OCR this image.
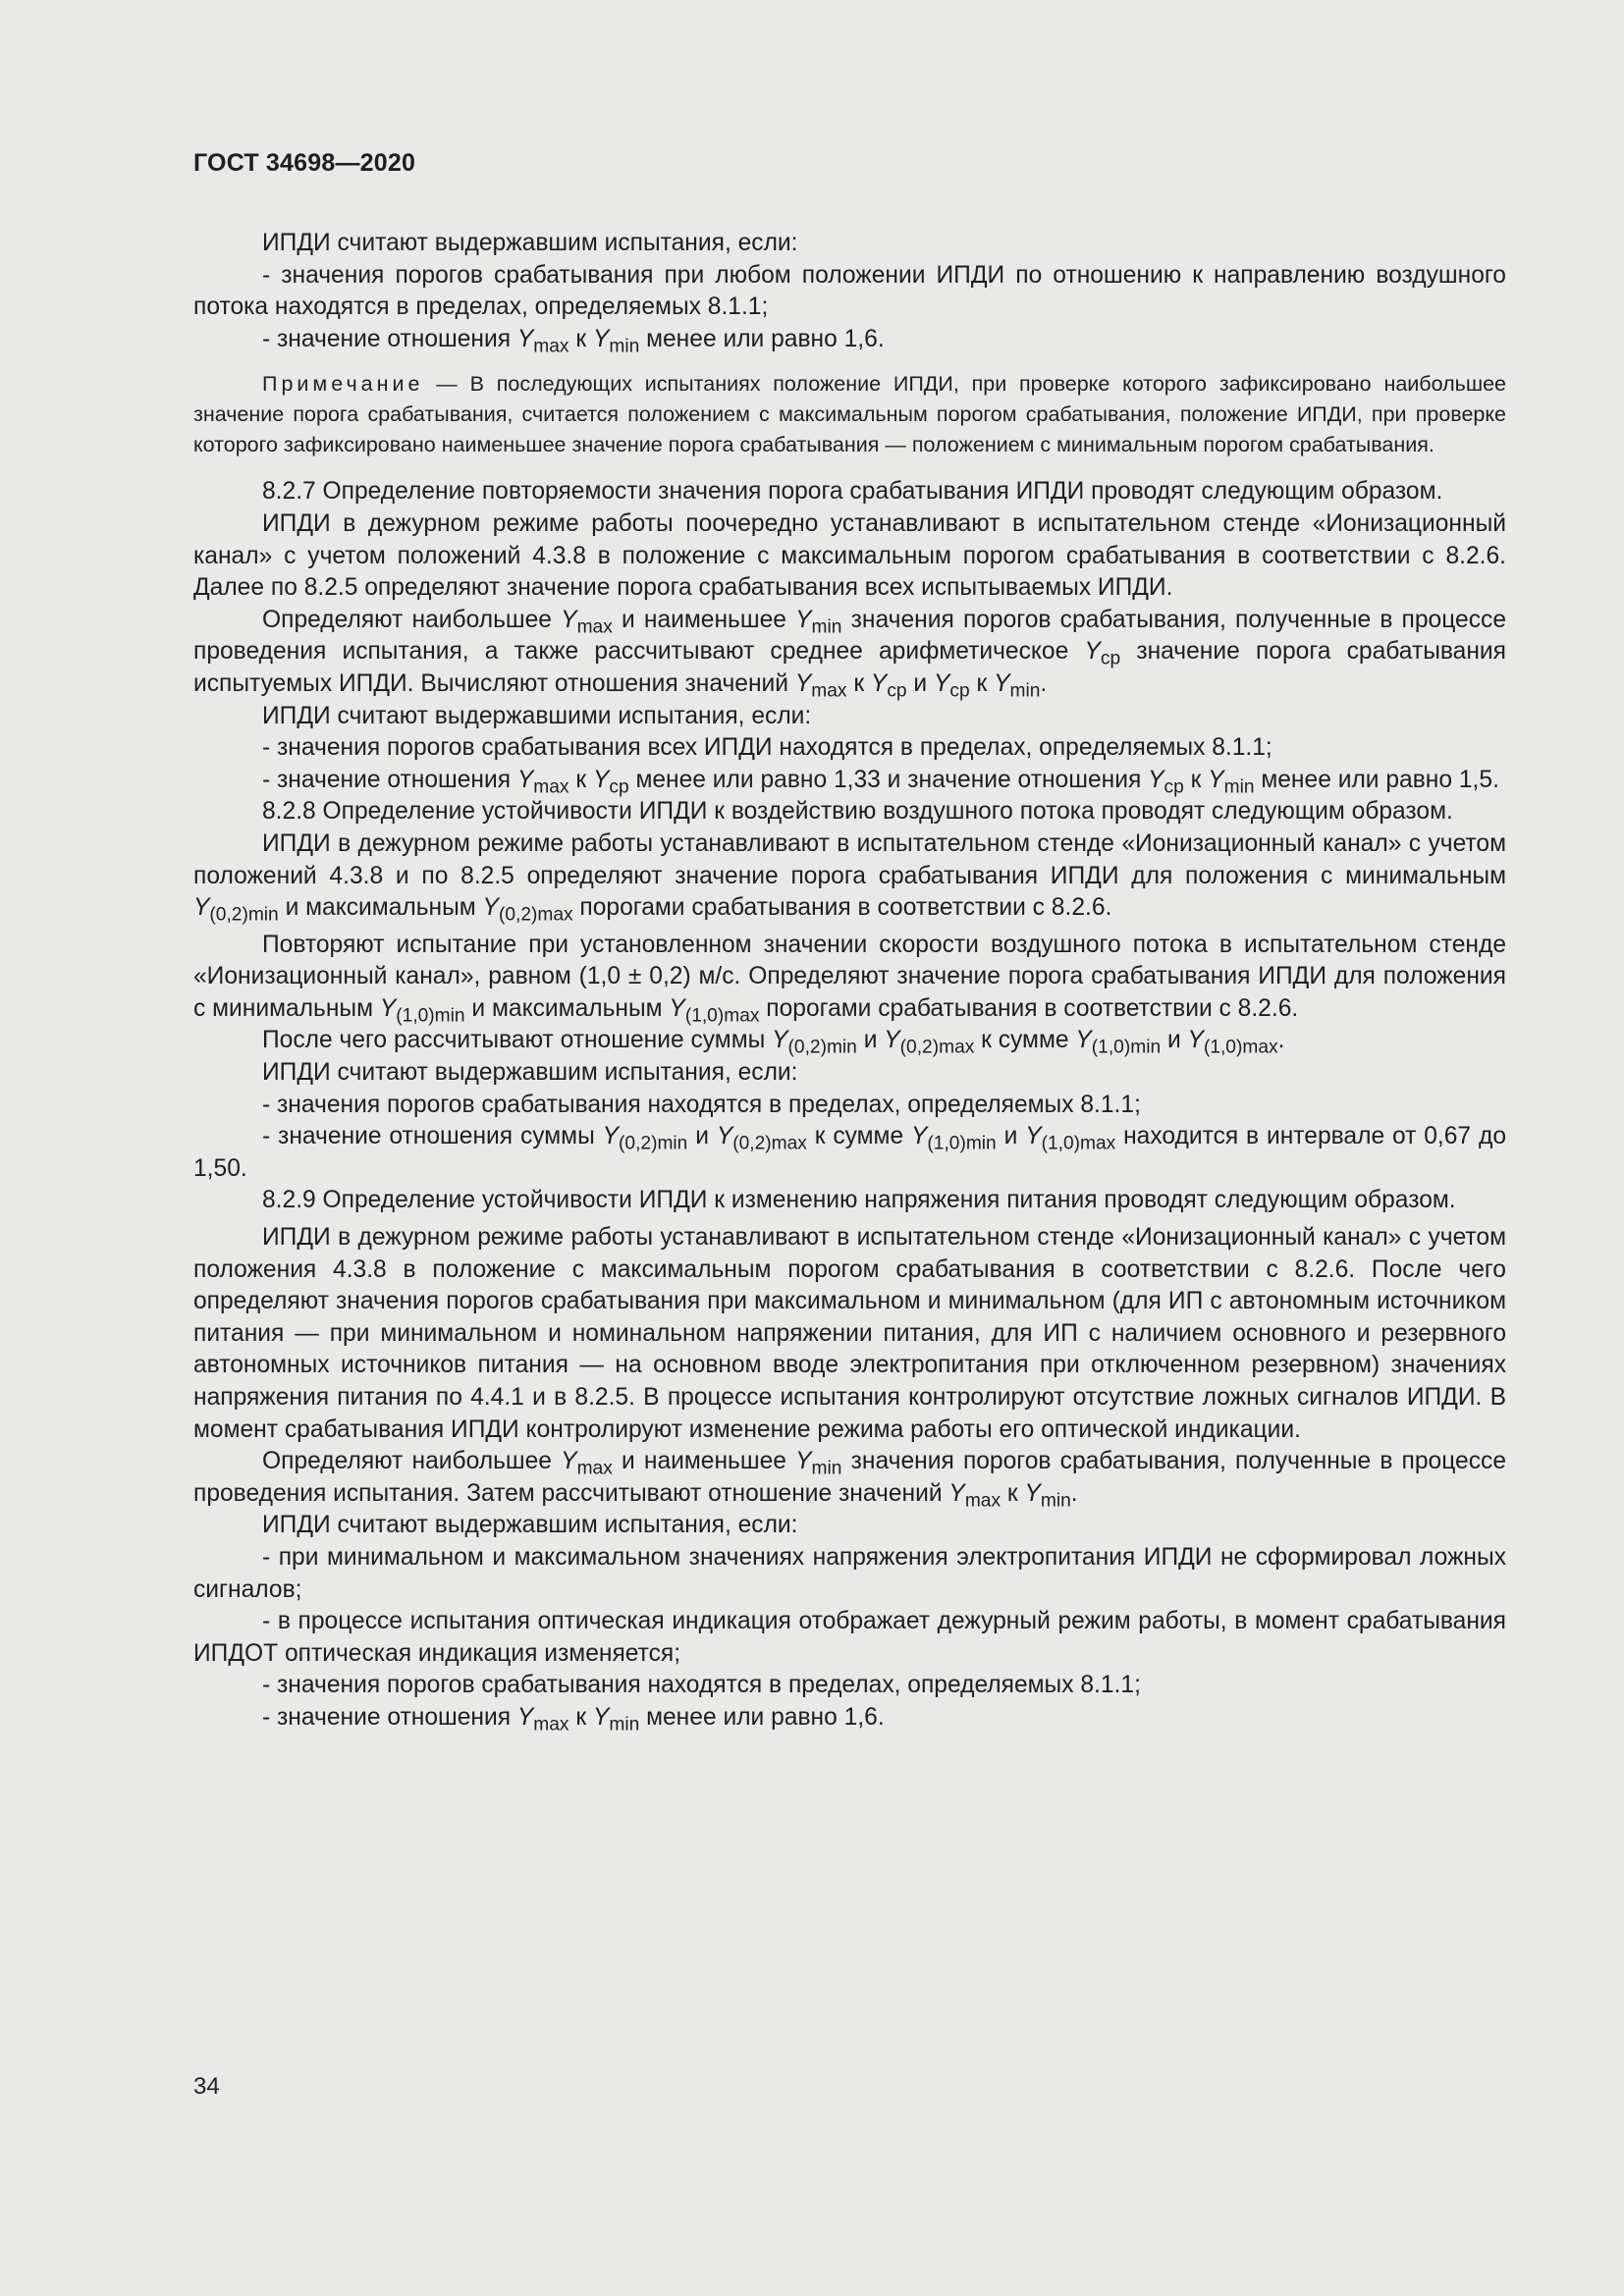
ГОСТ 34698—2020

ИПДИ считают выдержавшим испытания, если:

- значения порогов срабатывания при любом положении ИПДИ по отношению к направлению воздушного потока находятся в пределах, определяемых 8.1.1;

- значение отношения $Y_{max}$ к $Y_{min}$ менее или равно 1,6.

Примечание — В последующих испытаниях положение ИПДИ, при проверке которого зафиксировано наибольшее значение порога срабатывания, считается положением с максимальным порогом срабатывания, положение ИПДИ, при проверке которого зафиксировано наименьшее значение порога срабатывания — положением с минимальным порогом срабатывания.

8.2.7 Определение повторяемости значения порога срабатывания ИПДИ проводят следующим образом.

ИПДИ в дежурном режиме работы поочередно устанавливают в испытательном стенде «Ионизационный канал» с учетом положений 4.3.8 в положение с максимальным порогом срабатывания в соответствии с 8.2.6. Далее по 8.2.5 определяют значение порога срабатывания всех испытываемых ИПДИ.

Определяют наибольшее $Y_{max}$ и наименьшее $Y_{min}$ значения порогов срабатывания, полученные в процессе проведения испытания, а также рассчитывают среднее арифметическое $Y_{ср}$ значение порога срабатывания испытуемых ИПДИ. Вычисляют отношения значений $Y_{max}$ к $Y_{ср}$ и $Y_{ср}$ к $Y_{min}$.

ИПДИ считают выдержавшими испытания, если:

- значения порогов срабатывания всех ИПДИ находятся в пределах, определяемых 8.1.1;

- значение отношения $Y_{max}$ к $Y_{ср}$ менее или равно 1,33 и значение отношения $Y_{ср}$ к $Y_{min}$ менее или равно 1,5.

8.2.8 Определение устойчивости ИПДИ к воздействию воздушного потока проводят следующим образом.

ИПДИ в дежурном режиме работы устанавливают в испытательном стенде «Ионизационный канал» с учетом положений 4.3.8 и по 8.2.5 определяют значение порога срабатывания ИПДИ для положения с минимальным $Y_{(0,2)min}$ и максимальным $Y_{(0,2)max}$ порогами срабатывания в соответствии с 8.2.6.

Повторяют испытание при установленном значении скорости воздушного потока в испытательном стенде «Ионизационный канал», равном (1,0 ± 0,2) м/с. Определяют значение порога срабатывания ИПДИ для положения с минимальным $Y_{(1,0)min}$ и максимальным $Y_{(1,0)max}$ порогами срабатывания в соответствии с 8.2.6.

После чего рассчитывают отношение суммы $Y_{(0,2)min}$ и $Y_{(0,2)max}$ к сумме $Y_{(1,0)min}$ и $Y_{(1,0)max}$.

ИПДИ считают выдержавшим испытания, если:

- значения порогов срабатывания находятся в пределах, определяемых 8.1.1;

- значение отношения суммы $Y_{(0,2)min}$ и $Y_{(0,2)max}$ к сумме $Y_{(1,0)min}$ и $Y_{(1,0)max}$ находится в интервале от 0,67 до 1,50.

8.2.9 Определение устойчивости ИПДИ к изменению напряжения питания проводят следующим образом.

ИПДИ в дежурном режиме работы устанавливают в испытательном стенде «Ионизационный канал» с учетом положения 4.3.8 в положение с максимальным порогом срабатывания в соответствии с 8.2.6. После чего определяют значения порогов срабатывания при максимальном и минимальном (для ИП с автономным источником питания — при минимальном и номинальном напряжении питания, для ИП с наличием основного и резервного автономных источников питания — на основном вводе электропитания при отключенном резервном) значениях напряжения питания по 4.4.1 и в 8.2.5. В процессе испытания контролируют отсутствие ложных сигналов ИПДИ. В момент срабатывания ИПДИ контролируют изменение режима работы его оптической индикации.

Определяют наибольшее $Y_{max}$ и наименьшее $Y_{min}$ значения порогов срабатывания, полученные в процессе проведения испытания. Затем рассчитывают отношение значений $Y_{max}$ к $Y_{min}$.

ИПДИ считают выдержавшим испытания, если:

- при минимальном и максимальном значениях напряжения электропитания ИПДИ не сформировал ложных сигналов;

- в процессе испытания оптическая индикация отображает дежурный режим работы, в момент срабатывания ИПДОТ оптическая индикация изменяется;

- значения порогов срабатывания находятся в пределах, определяемых 8.1.1;

- значение отношения $Y_{max}$ к $Y_{min}$ менее или равно 1,6.

34
